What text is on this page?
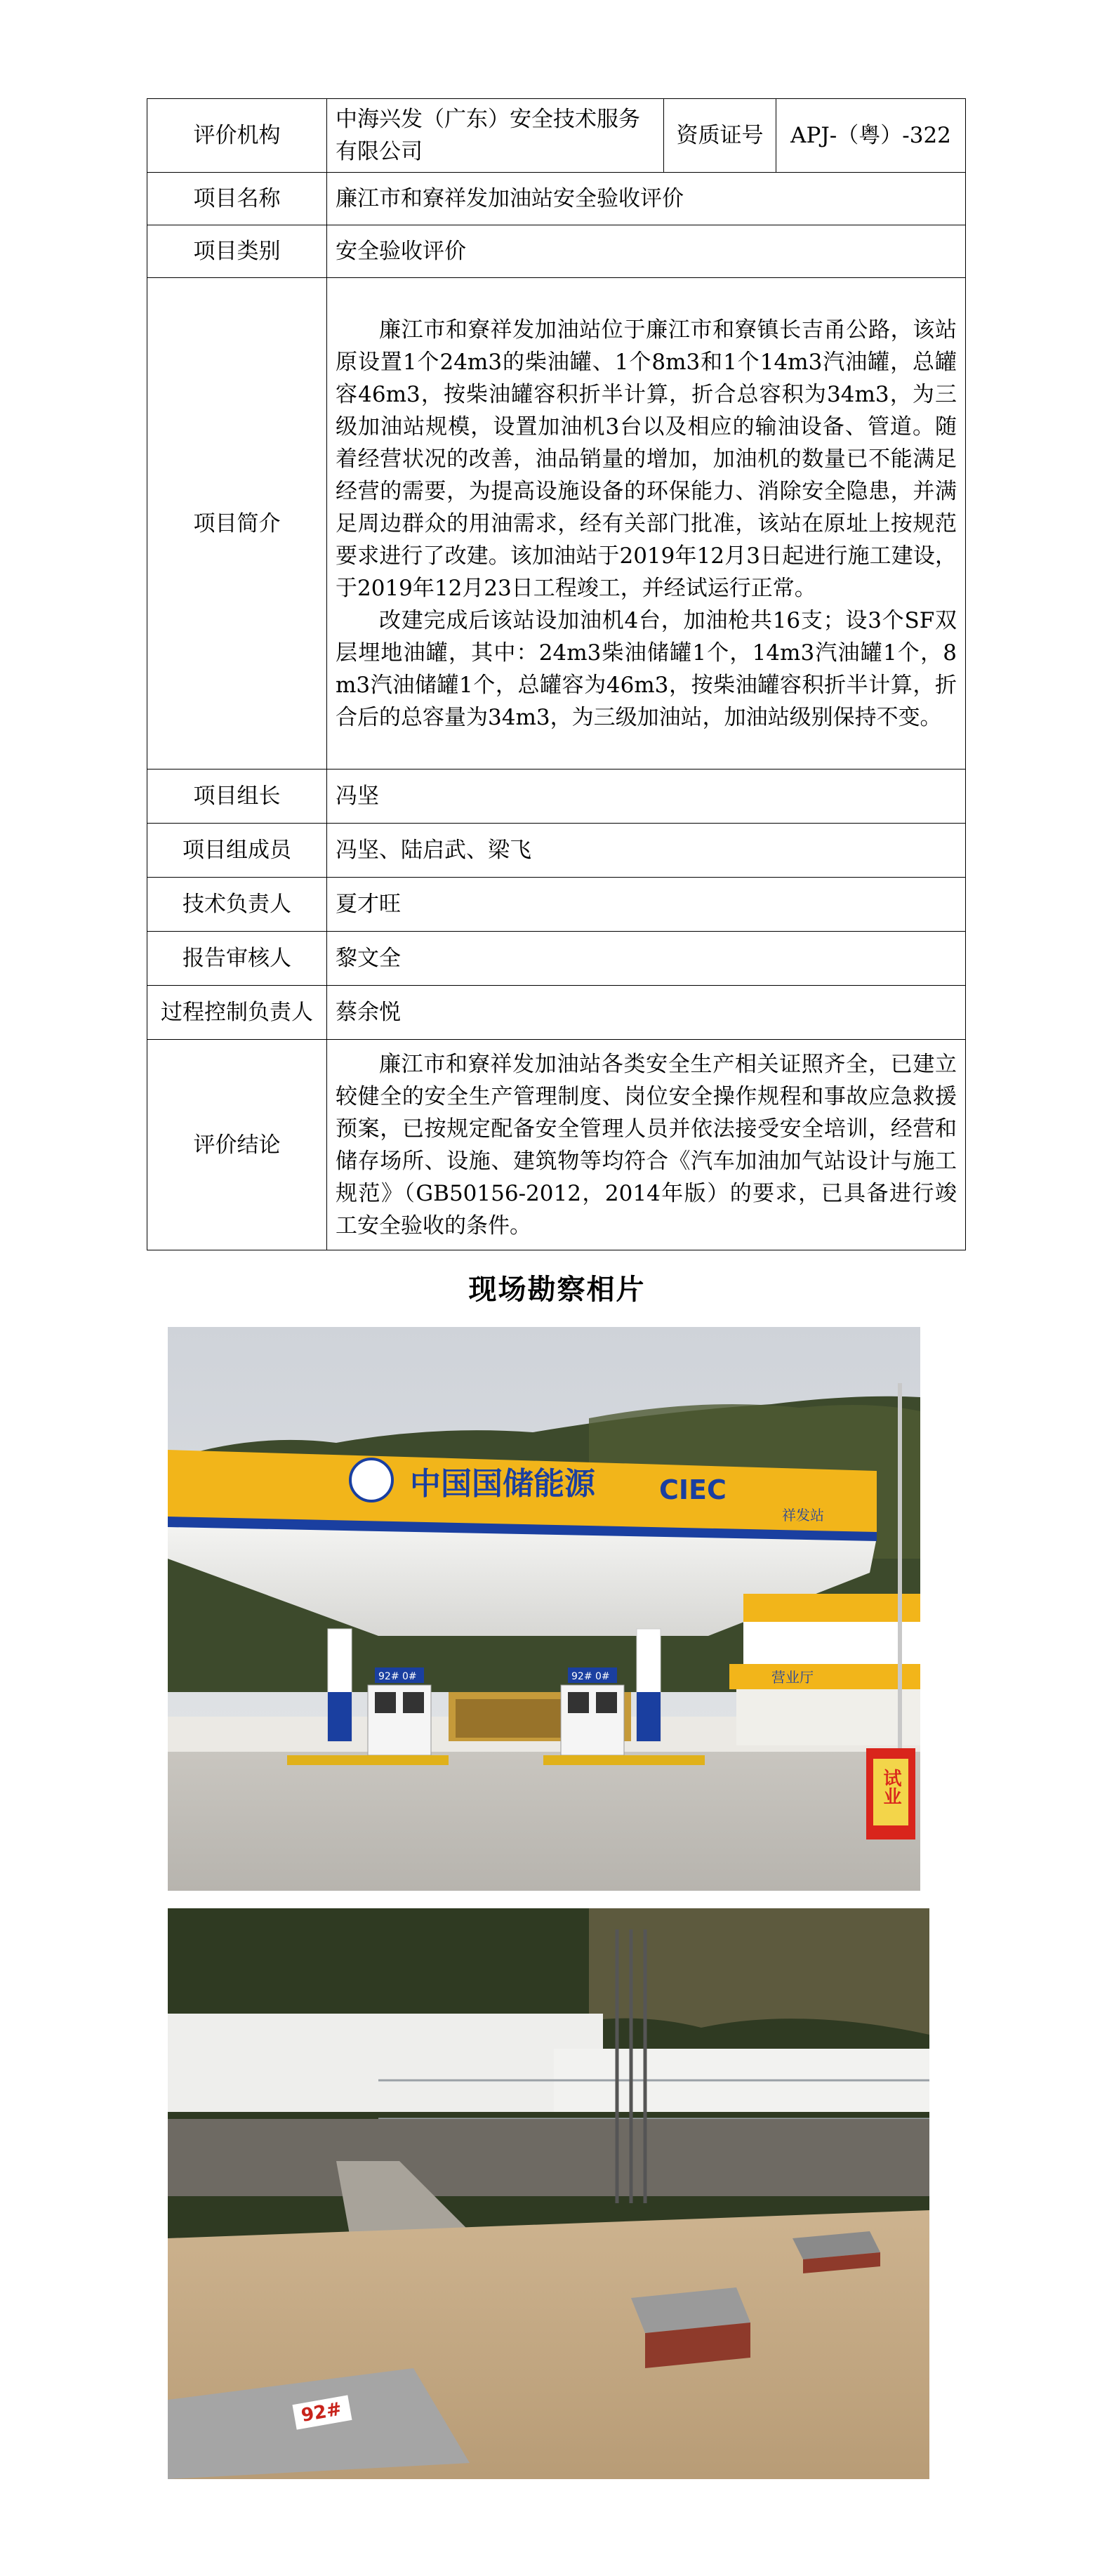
评价机构	中海兴发（广东）安全技术服务有限公司	资质证号	APJ-（粤）-322
项目名称	廉江市和寮祥发加油站安全验收评价		
项目类别	安全验收评价		
项目简介	廉江市和寮祥发加油站位于廉江市和寮镇长吉甬公路，该站原设置1个24m3的柴油罐、1个8m3和1个14m3汽油罐，总罐容46m3，按柴油罐容积折半计算，折合总容积为34m3，为三级加油站规模，设置加油机3台以及相应的输油设备、管道。随着经营状况的改善，油品销量的增加，加油机的数量已不能满足经营的需要，为提高设施设备的环保能力、消除安全隐患，并满足周边群众的用油需求，经有关部门批准，该站在原址上按规范要求进行了改建。该加油站于2019年12月3日起进行施工建设，于2019年12月23日工程竣工，并经试运行正常。

改建完成后该站设加油机4台，加油枪共16支；设3个SF双层埋地油罐，其中：24m3柴油储罐1个，14m3汽油罐1个，8m3汽油储罐1个，总罐容为46m3，按柴油罐容积折半计算，折合后的总容量为34m3，为三级加油站，加油站级别保持不变。		

项目组长	冯坚		
项目组成员	冯坚、陆启武、梁飞		
技术负责人	夏才旺		
报告审核人	黎文全		
过程控制负责人	蔡余悦		
评价结论	廉江市和寮祥发加油站各类安全生产相关证照齐全，已建立较健全的安全生产管理制度、岗位安全操作规程和事故应急救援预案，已按规定配备安全管理人员并依法接受安全培训，经营和储存场所、设施、建筑物等均符合《汽车加油加气站设计与施工规范》（GB50156-2012，2014年版）的要求，已具备进行竣工安全验收的条件。		

现场勘察相片
中国国储能源 CIEC
祥发站
92# 0#	92# 0#	营业厅
试业
92#
